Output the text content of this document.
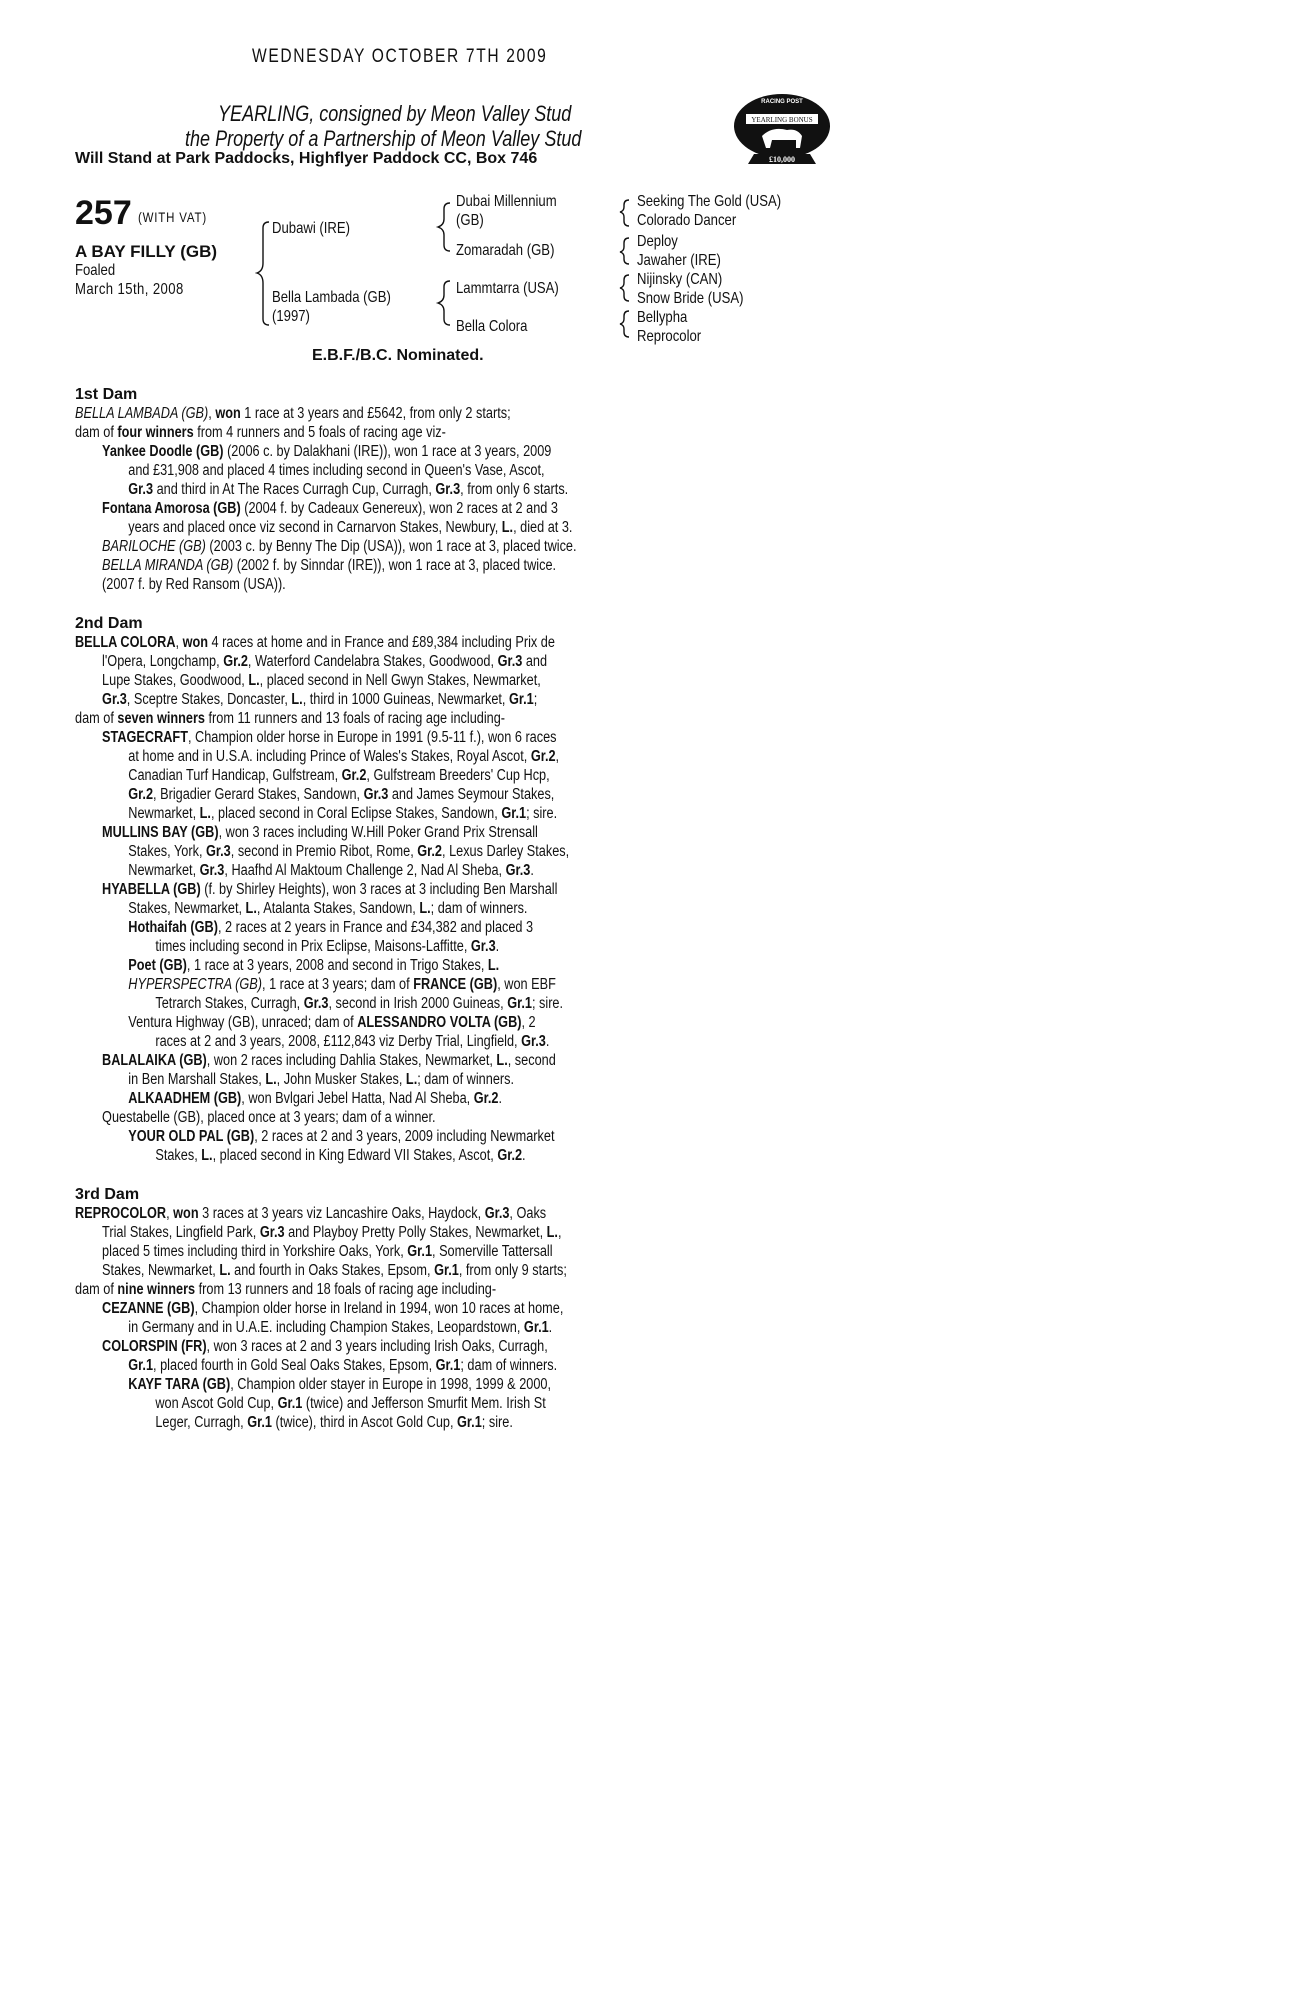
WEDNESDAY OCTOBER 7TH 2009
YEARLING, consigned by Meon Valley Stud
the Property of a Partnership of Meon Valley Stud
Will Stand at Park Paddocks, Highflyer Paddock CC, Box 746
RACING POST
YEARLING BONUS
£10,000
257 (WITH VAT)
A BAY FILLY (GB)
Foaled
March 15th, 2008
Dubawi (IRE)
Bella Lambada (GB)
(1997)
Dubai Millennium
(GB)
Zomaradah (GB)
Lammtarra (USA)
Bella Colora
Seeking The Gold (USA)
Colorado Dancer
Deploy
Jawaher (IRE)
Nijinsky (CAN)
Snow Bride (USA)
Bellypha
Reprocolor
E.B.F./B.C. Nominated.
1st Dam
BELLA LAMBADA (GB), won 1 race at 3 years and £5642, from only 2 starts;
dam of four winners from 4 runners and 5 foals of racing age viz-
Yankee Doodle (GB) (2006 c. by Dalakhani (IRE)), won 1 race at 3 years, 2009
and £31,908 and placed 4 times including second in Queen's Vase, Ascot,
Gr.3 and third in At The Races Curragh Cup, Curragh, Gr.3, from only 6 starts.
Fontana Amorosa (GB) (2004 f. by Cadeaux Genereux), won 2 races at 2 and 3
years and placed once viz second in Carnarvon Stakes, Newbury, L., died at 3.
BARILOCHE (GB) (2003 c. by Benny The Dip (USA)), won 1 race at 3, placed twice.
BELLA MIRANDA (GB) (2002 f. by Sinndar (IRE)), won 1 race at 3, placed twice.
(2007 f. by Red Ransom (USA)).
2nd Dam
BELLA COLORA, won 4 races at home and in France and £89,384 including Prix de
l'Opera, Longchamp, Gr.2, Waterford Candelabra Stakes, Goodwood, Gr.3 and
Lupe Stakes, Goodwood, L., placed second in Nell Gwyn Stakes, Newmarket,
Gr.3, Sceptre Stakes, Doncaster, L., third in 1000 Guineas, Newmarket, Gr.1;
dam of seven winners from 11 runners and 13 foals of racing age including-
STAGECRAFT, Champion older horse in Europe in 1991 (9.5-11 f.), won 6 races
at home and in U.S.A. including Prince of Wales's Stakes, Royal Ascot, Gr.2,
Canadian Turf Handicap, Gulfstream, Gr.2, Gulfstream Breeders' Cup Hcp,
Gr.2, Brigadier Gerard Stakes, Sandown, Gr.3 and James Seymour Stakes,
Newmarket, L., placed second in Coral Eclipse Stakes, Sandown, Gr.1; sire.
MULLINS BAY (GB), won 3 races including W.Hill Poker Grand Prix Strensall
Stakes, York, Gr.3, second in Premio Ribot, Rome, Gr.2, Lexus Darley Stakes,
Newmarket, Gr.3, Haafhd Al Maktoum Challenge 2, Nad Al Sheba, Gr.3.
HYABELLA (GB) (f. by Shirley Heights), won 3 races at 3 including Ben Marshall
Stakes, Newmarket, L., Atalanta Stakes, Sandown, L.; dam of winners.
Hothaifah (GB), 2 races at 2 years in France and £34,382 and placed 3
times including second in Prix Eclipse, Maisons-Laffitte, Gr.3.
Poet (GB), 1 race at 3 years, 2008 and second in Trigo Stakes, L.
HYPERSPECTRA (GB), 1 race at 3 years; dam of FRANCE (GB), won EBF
Tetrarch Stakes, Curragh, Gr.3, second in Irish 2000 Guineas, Gr.1; sire.
Ventura Highway (GB), unraced; dam of ALESSANDRO VOLTA (GB), 2
races at 2 and 3 years, 2008, £112,843 viz Derby Trial, Lingfield, Gr.3.
BALALAIKA (GB), won 2 races including Dahlia Stakes, Newmarket, L., second
in Ben Marshall Stakes, L., John Musker Stakes, L.; dam of winners.
ALKAADHEM (GB), won Bvlgari Jebel Hatta, Nad Al Sheba, Gr.2.
Questabelle (GB), placed once at 3 years; dam of a winner.
YOUR OLD PAL (GB), 2 races at 2 and 3 years, 2009 including Newmarket
Stakes, L., placed second in King Edward VII Stakes, Ascot, Gr.2.
3rd Dam
REPROCOLOR, won 3 races at 3 years viz Lancashire Oaks, Haydock, Gr.3, Oaks
Trial Stakes, Lingfield Park, Gr.3 and Playboy Pretty Polly Stakes, Newmarket, L.,
placed 5 times including third in Yorkshire Oaks, York, Gr.1, Somerville Tattersall
Stakes, Newmarket, L. and fourth in Oaks Stakes, Epsom, Gr.1, from only 9 starts;
dam of nine winners from 13 runners and 18 foals of racing age including-
CEZANNE (GB), Champion older horse in Ireland in 1994, won 10 races at home,
in Germany and in U.A.E. including Champion Stakes, Leopardstown, Gr.1.
COLORSPIN (FR), won 3 races at 2 and 3 years including Irish Oaks, Curragh,
Gr.1, placed fourth in Gold Seal Oaks Stakes, Epsom, Gr.1; dam of winners.
KAYF TARA (GB), Champion older stayer in Europe in 1998, 1999 & 2000,
won Ascot Gold Cup, Gr.1 (twice) and Jefferson Smurfit Mem. Irish St
Leger, Curragh, Gr.1 (twice), third in Ascot Gold Cup, Gr.1; sire.
